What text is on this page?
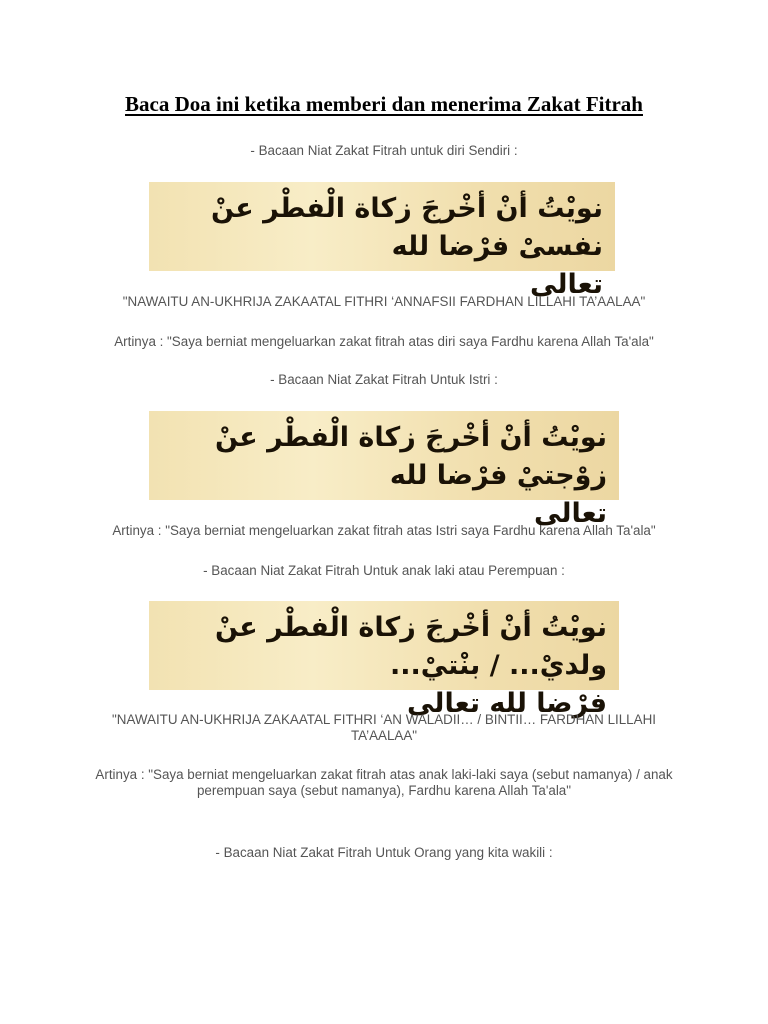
Baca Doa ini ketika memberi dan menerima Zakat Fitrah
- Bacaan Niat Zakat Fitrah untuk diri Sendiri :
نويْتُ أنْ أخْرجَ زكاة الْفطْر عنْ نفسىْ فرْضا لله
تعالى
"NAWAITU AN-UKHRIJA ZAKAATAL FITHRI ‘ANNAFSII FARDHAN LILLAHI TA’AALAA"
Artinya : "Saya berniat mengeluarkan zakat fitrah atas diri saya Fardhu karena Allah Ta'ala"
- Bacaan Niat Zakat Fitrah Untuk Istri :
نويْتُ أنْ أخْرجَ زكاة الْفطْر عنْ زوْجتيْ فرْضا لله
تعالى
Artinya : "Saya berniat mengeluarkan zakat fitrah atas Istri saya Fardhu karena Allah Ta'ala"
- Bacaan Niat Zakat Fitrah Untuk anak laki atau Perempuan :
نويْتُ أنْ أخْرجَ زكاة الْفطْر عنْ ولديْ... / بنْتيْ...
فرْضا لله تعالى
"NAWAITU AN-UKHRIJA ZAKAATAL FITHRI ‘AN WALADII… / BINTII… FARDHAN LILLAHI
TA’AALAA"
Artinya : "Saya berniat mengeluarkan zakat fitrah atas anak laki-laki saya (sebut namanya) / anak
perempuan saya (sebut namanya), Fardhu karena Allah Ta'ala"
- Bacaan Niat Zakat Fitrah Untuk Orang yang kita wakili :
